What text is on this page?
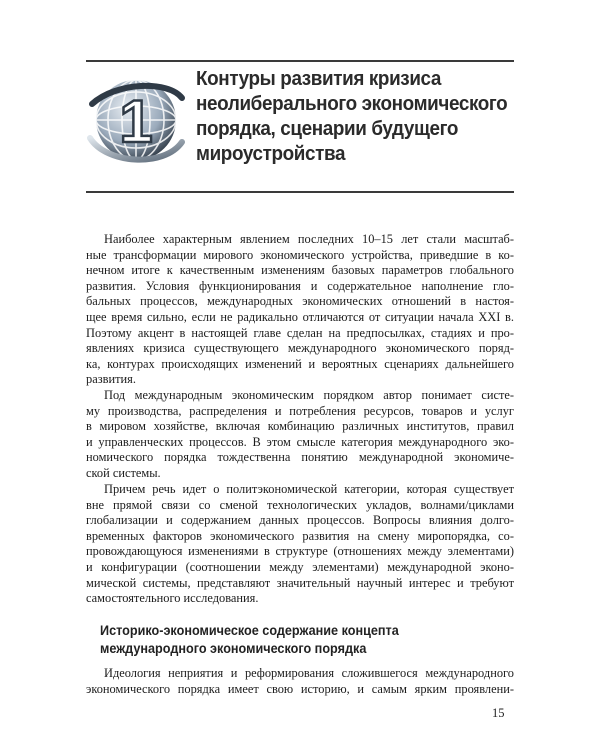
1
Контуры развития кризиса
неолиберального экономического
порядка, сценарии будущего
мироустройства
Наиболее характерным явлением последних 10–15 лет стали масштаб-
ные трансформации мирового экономического устройства, приведшие в ко-
нечном итоге к качественным изменениям базовых параметров глобального
развития. Условия функционирования и содержательное наполнение гло-
бальных процессов, международных экономических отношений в настоя-
щее время сильно, если не радикально отличаются от ситуации начала XXI в.
Поэтому акцент в настоящей главе сделан на предпосылках, стадиях и про-
явлениях кризиса существующего международного экономического поряд-
ка, контурах происходящих изменений и вероятных сценариях дальнейшего
развития.
Под международным экономическим порядком автор понимает систе-
му производства, распределения и потребления ресурсов, товаров и услуг
в мировом хозяйстве, включая комбинацию различных институтов, правил
и управленческих процессов. В этом смысле категория международного эко-
номического порядка тождественна понятию международной экономиче-
ской системы.
Причем речь идет о политэкономической категории, которая существует
вне прямой связи со сменой технологических укладов, волнами/циклами
глобализации и содержанием данных процессов. Вопросы влияния долго-
временных факторов экономического развития на смену миропорядка, со-
провождающуюся изменениями в структуре (отношениях между элементами)
и конфигурации (соотношении между элементами) международной эконо-
мической системы, представляют значительный научный интерес и требуют
самостоятельного исследования.
Историко-экономическое содержание концепта
международного экономического порядка
Идеология неприятия и реформирования сложившегося международного
экономического порядка имеет свою историю, и самым ярким проявлени-
15
